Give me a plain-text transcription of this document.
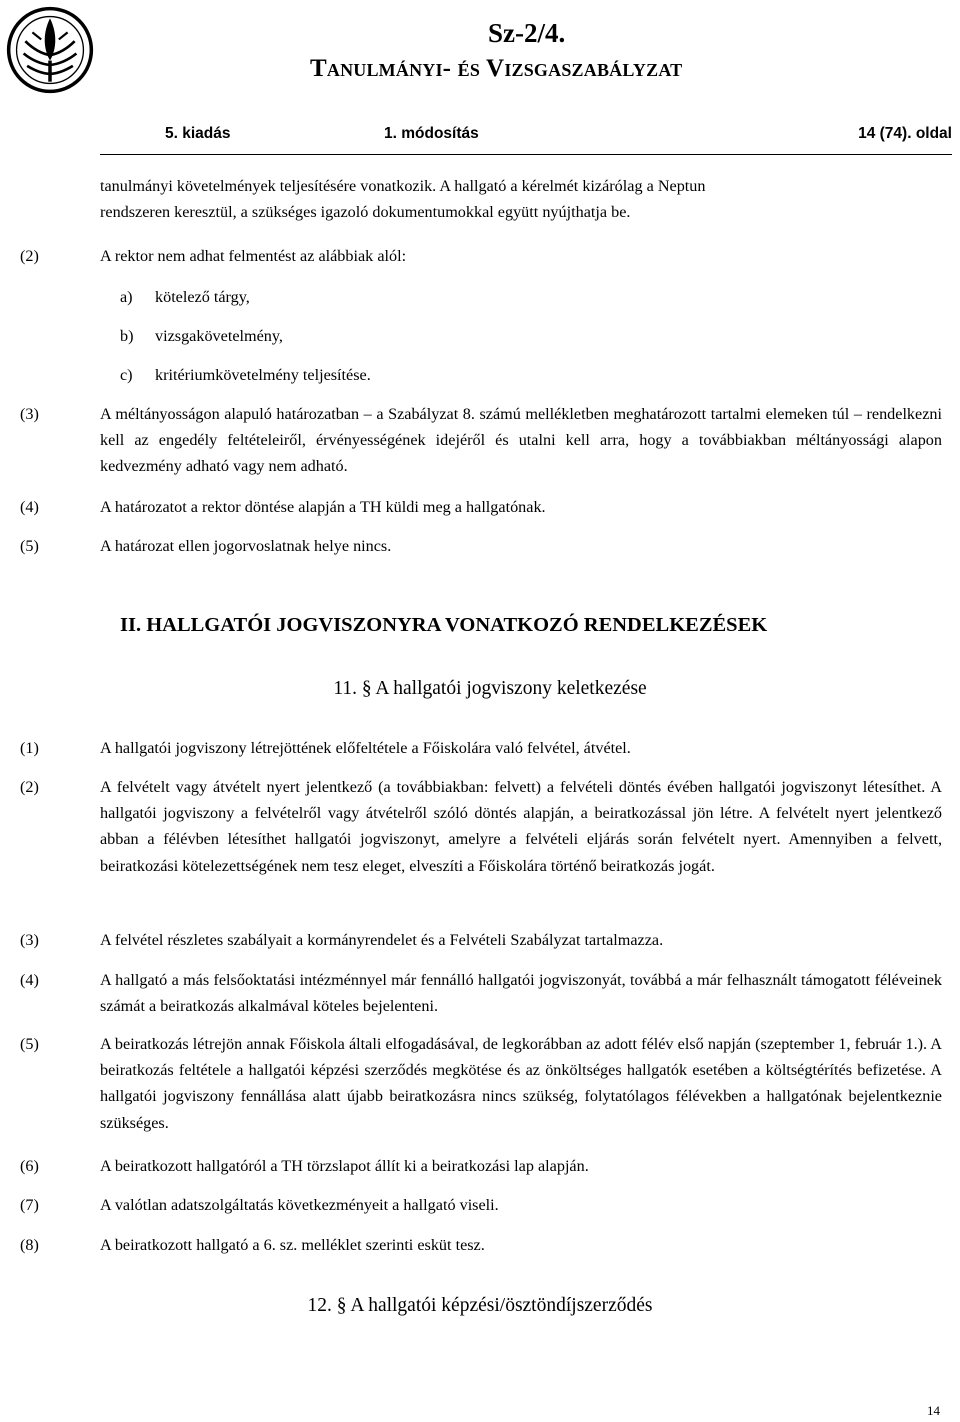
Sz-2/4.
Tanulmányi- és Vizsgaszabályzat
5. kiadás	1. módosítás	14 (74). oldal
tanulmányi követelmények teljesítésére vonatkozik. A hallgató a kérelmét kizárólag a Neptun
rendszeren keresztül, a szükséges igazoló dokumentumokkal együtt nyújthatja be.
(2)	A rektor nem adhat felmentést az alábbiak alól:
a) kötelező tárgy,
b) vizsgakövetelmény,
c) kritériumkövetelmény teljesítése.
(3)	A méltányosságon alapuló határozatban – a Szabályzat 8. számú mellékletben meghatározott tartalmi elemeken túl – rendelkezni kell az engedély feltételeiről, érvényességének idejéről és utalni kell arra, hogy a továbbiakban méltányossági alapon kedvezmény adható vagy nem adható.
(4)	A határozatot a rektor döntése alapján a TH küldi meg a hallgatónak.
(5)	A határozat ellen jogorvoslatnak helye nincs.
II. HALLGATÓI JOGVISZONYRA VONATKOZÓ RENDELKEZÉSEK
11. § A hallgatói jogviszony keletkezése
(1)	A hallgatói jogviszony létrejöttének előfeltétele a Főiskolára való felvétel, átvétel.
(2)	A felvételt vagy átvételt nyert jelentkező (a továbbiakban: felvett) a felvételi döntés évében hallgatói jogviszonyt létesíthet. A hallgatói jogviszony a felvételről vagy átvételről szóló döntés alapján, a beiratkozással jön létre. A felvételt nyert jelentkező abban a félévben létesíthet hallgatói jogviszonyt, amelyre a felvételi eljárás során felvételt nyert. Amennyiben a felvett, beiratkozási kötelezettségének nem tesz eleget, elveszíti a Főiskolára történő beiratkozás jogát.
(3)	A felvétel részletes szabályait a kormányrendelet és a Felvételi Szabályzat tartalmazza.
(4)	A hallgató a más felsőoktatási intézménnyel már fennálló hallgatói jogviszonyát, továbbá a már felhasznált támogatott féléveinek számát a beiratkozás alkalmával köteles bejelenteni.
(5)	A beiratkozás létrejön annak Főiskola általi elfogadásával, de legkorábban az adott félév első napján (szeptember 1, február 1.). A beiratkozás feltétele a hallgatói képzési szerződés megkötése és az önköltséges hallgatók esetében a költségtérítés befizetése. A hallgatói jogviszony fennállása alatt újabb beiratkozásra nincs szükség, folytatólagos félévekben a hallgatónak bejelentkeznie szükséges.
(6)	A beiratkozott hallgatóról a TH törzslapot állít ki a beiratkozási lap alapján.
(7)	A valótlan adatszolgáltatás következményeit a hallgató viseli.
(8)	A beiratkozott hallgató a 6. sz. melléklet szerinti esküt tesz.
12. § A hallgatói képzési/ösztöndíjszerződés
14
